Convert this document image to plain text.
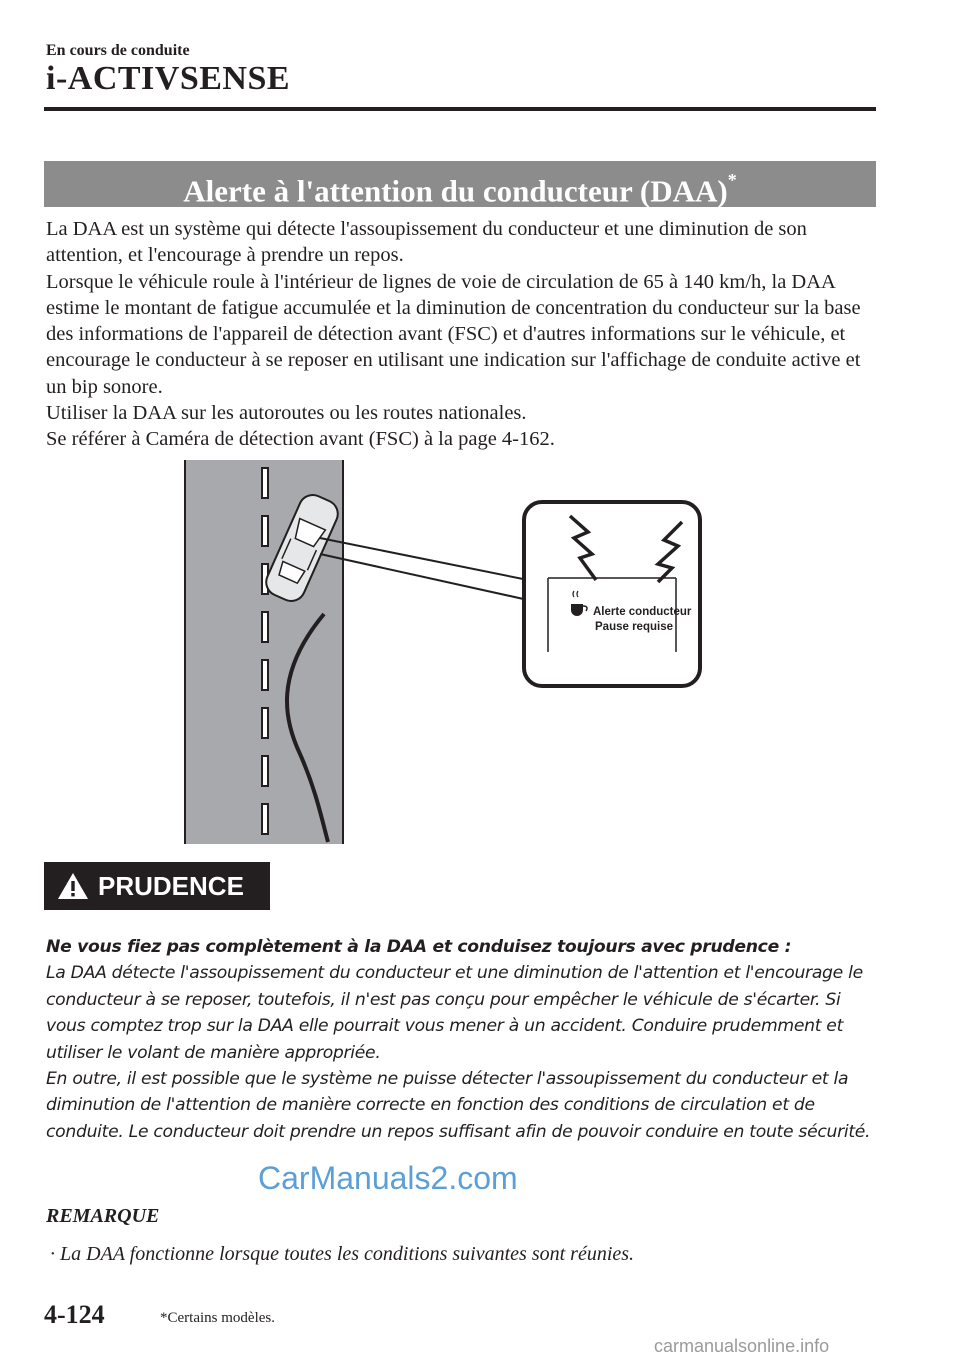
En cours de conduite
i-ACTIVSENSE
Alerte à l'attention du conducteur (DAA)*

La DAA est un système qui détecte l'assoupissement du conducteur et une diminution de son attention, et l'encourage à prendre un repos.

Lorsque le véhicule roule à l'intérieur de lignes de voie de circulation de 65 à 140 km/h, la DAA estime le montant de fatigue accumulée et la diminution de concentration du conducteur sur la base des informations de l'appareil de détection avant (FSC) et d'autres informations sur le véhicule, et encourage le conducteur à se reposer en utilisant une indication sur l'affichage de conduite active et un bip sonore.

Utiliser la DAA sur les autoroutes ou les routes nationales.

Se référer à Caméra de détection avant (FSC) à la page 4-162.

Alerte conducteur
Pause requise
PRUDENCE

Ne vous fiez pas complètement à la DAA et conduisez toujours avec prudence :

La DAA détecte l'assoupissement du conducteur et une diminution de l'attention et l'encourage le conducteur à se reposer, toutefois, il n'est pas conçu pour empêcher le véhicule de s'écarter. Si vous comptez trop sur la DAA elle pourrait vous mener à un accident. Conduire prudemment et utiliser le volant de manière appropriée.

En outre, il est possible que le système ne puisse détecter l'assoupissement du conducteur et la diminution de l'attention de manière correcte en fonction des conditions de circulation et de conduite. Le conducteur doit prendre un repos suffisant afin de pouvoir conduire en toute sécurité.

CarManuals2.com
REMARQUE
· La DAA fonctionne lorsque toutes les conditions suivantes sont réunies.
4-124	*Certains modèles.
carmanualsonline.info
